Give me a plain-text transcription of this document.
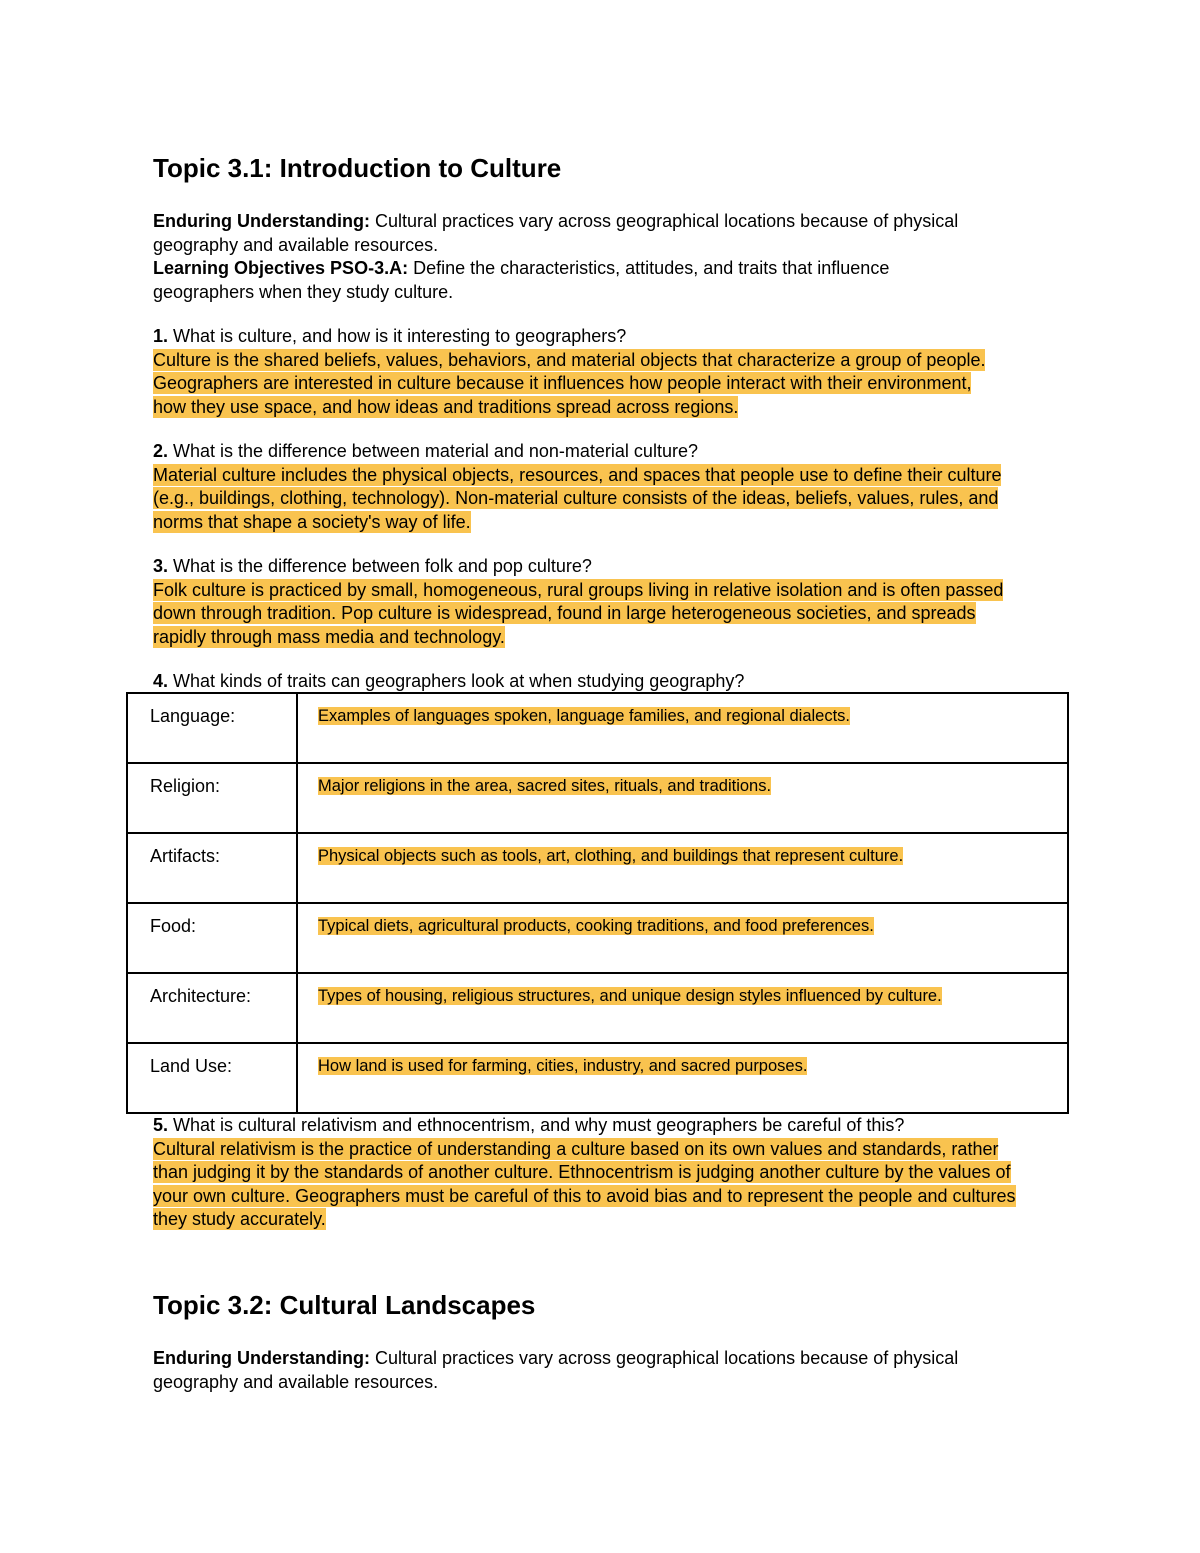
Topic 3.1: Introduction to Culture

Enduring Understanding: Cultural practices vary across geographical locations because of physical geography and available resources.

Learning Objectives PSO-3.A: Define the characteristics, attitudes, and traits that influence geographers when they study culture.

1. What is culture, and how is it interesting to geographers?

Culture is the shared beliefs, values, behaviors, and material objects that characterize a group of people. Geographers are interested in culture because it influences how people interact with their environment, how they use space, and how ideas and traditions spread across regions.

2. What is the difference between material and non-material culture?

Material culture includes the physical objects, resources, and spaces that people use to define their culture (e.g., buildings, clothing, technology). Non-material culture consists of the ideas, beliefs, values, rules, and norms that shape a society's way of life.

3. What is the difference between folk and pop culture?

Folk culture is practiced by small, homogeneous, rural groups living in relative isolation and is often passed down through tradition. Pop culture is widespread, found in large heterogeneous societies, and spreads rapidly through mass media and technology.

4. What kinds of traits can geographers look at when studying geography?

Language:	Examples of languages spoken, language families, and regional dialects.
Religion:	Major religions in the area, sacred sites, rituals, and traditions.
Artifacts:	Physical objects such as tools, art, clothing, and buildings that represent culture.
Food:	Typical diets, agricultural products, cooking traditions, and food preferences.
Architecture:	Types of housing, religious structures, and unique design styles influenced by culture.
Land Use:	How land is used for farming, cities, industry, and sacred purposes.

5. What is cultural relativism and ethnocentrism, and why must geographers be careful of this?

Cultural relativism is the practice of understanding a culture based on its own values and standards, rather than judging it by the standards of another culture. Ethnocentrism is judging another culture by the values of your own culture. Geographers must be careful of this to avoid bias and to represent the people and cultures they study accurately.

Topic 3.2: Cultural Landscapes

Enduring Understanding: Cultural practices vary across geographical locations because of physical geography and available resources.
